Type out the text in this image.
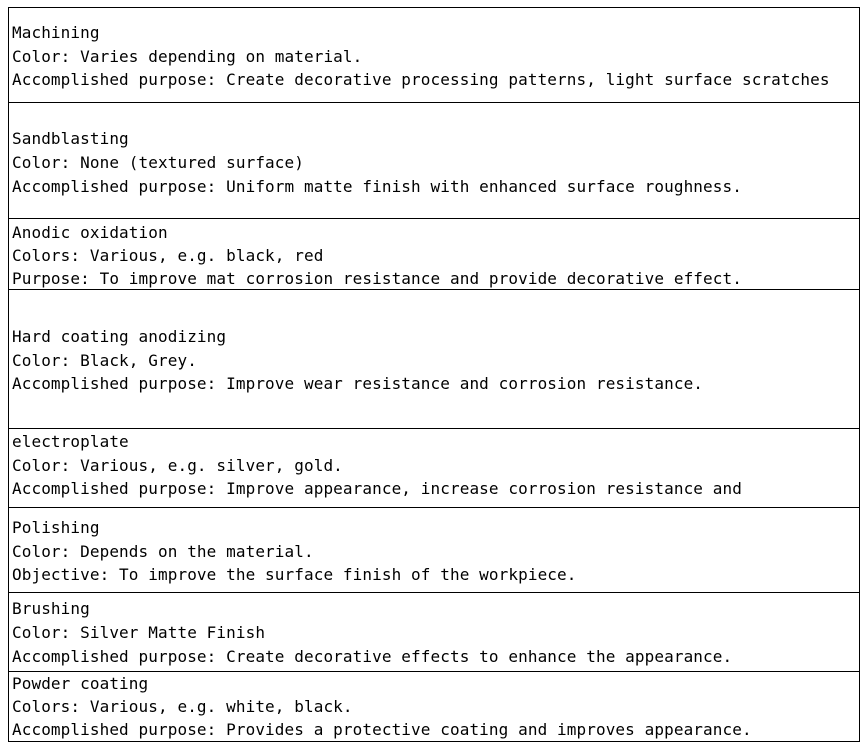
Machining
Color: Varies depending on material.
Accomplished purpose: Create decorative processing patterns, light surface scratches
Sandblasting
Color: None (textured surface)
Accomplished purpose: Uniform matte finish with enhanced surface roughness.
Anodic oxidation
Colors: Various, e.g. black, red
Purpose: To improve mat corrosion resistance and provide decorative effect.
Hard coating anodizing
Color: Black, Grey.
Accomplished purpose: Improve wear resistance and corrosion resistance.
electroplate
Color: Various, e.g. silver, gold.
Accomplished purpose: Improve appearance, increase corrosion resistance and
Polishing
Color: Depends on the material.
Objective: To improve the surface finish of the workpiece.
Brushing
Color: Silver Matte Finish
Accomplished purpose: Create decorative effects to enhance the appearance.
Powder coating
Colors: Various, e.g. white, black.
Accomplished purpose: Provides a protective coating and improves appearance.
